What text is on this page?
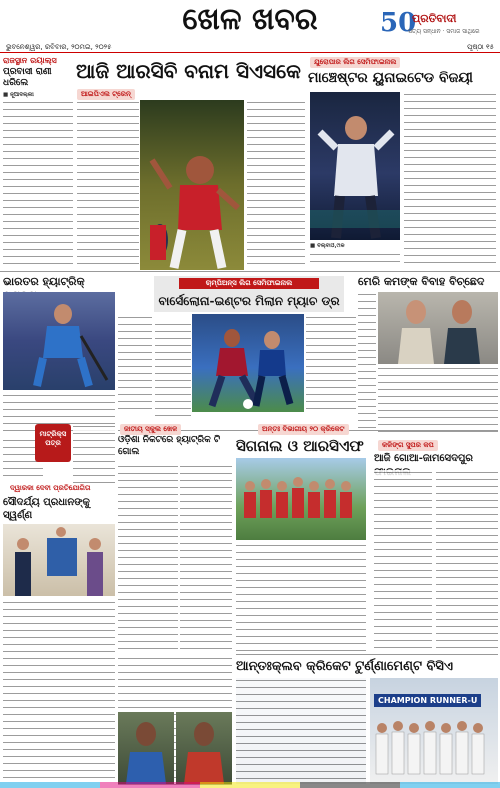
ଖେଳ ଖବର	50
ପ୍ରତିବାଦୀ
ସତ୍ୟ ସନ୍ଧାନ · ସମାଜ ସାଥିରେ
ଭୁବନେଶ୍ୱର, ରବିବାର, ୨୦ମଇ, ୨୦୨୫	ପୃଷ୍ଠା ୧୫
ରାଜସ୍ଥାନ ରୟାଲ୍ସ
ପ୍ରବାସୀ ରାଣୀ ଧରିଲେ
■ ନୂଆଦିଲ୍ଲୀ
ଆଜି ଆରସିବି ବନାମ ସିଏସକେ
ଆଇପିଏଲ ଟ୍ରେନ୍
ଯୁରୋପାର ଲିଗ ସେମିଫାଇନାଲ
ମାଞ୍ଚେଷ୍ଟର ୟୁନାଇଟେଡ ବିଜୟୀ
■ ବିଲ୍ବାଓ,୯ାକ
ଭାରତର ହ୍ୟାଟ୍ରିକ୍	ଚାମ୍ପିଅନ୍ସ ଲିଗ ସେମିଫାଇନାଲ
ବାର୍ସେଲୋନା-ଇଣ୍ଟର ମିଲାନ ମ୍ୟାଚ ଡ୍ର
ମେରି କମଙ୍କ ବିବାହ ବିଚ୍ଛେଦ
ମାଟ୍ରିକ୍ସ ପତ୍ର
ଜାତୀୟ ସ୍କୁଲ ଖେଳ
ଓଡ଼ିଶା ନିକଟରେ ହ୍ୟାଟ୍ରିକ ଟି ଗୋଲ
ଅନ୍ତଃ ବିଭାଗୀୟ ୨୦ କ୍ରିକେଟ
ସିଗନାଲ ଓ ଆରସିଏଫ	କଳିଙ୍ଗ ସୁପର କପ
ଆଜି ଗୋଆ-ଜାମସେଦପୁର
ଦ୍ୱାରକା ଦେବୀ ପ୍ରତିଯୋଗିତା
ସୌଦର୍ଯ୍ୟ ପ୍ରଧାନଙ୍କୁ ସ୍ୱର୍ଣ୍ଣ
ଆନ୍ତଃକ୍ଲବ କ୍ରିକେଟ ଟୁର୍ଣ୍ଣାମେଣ୍ଟ ବିସିଏ
CHAMPION RUNNER-U
